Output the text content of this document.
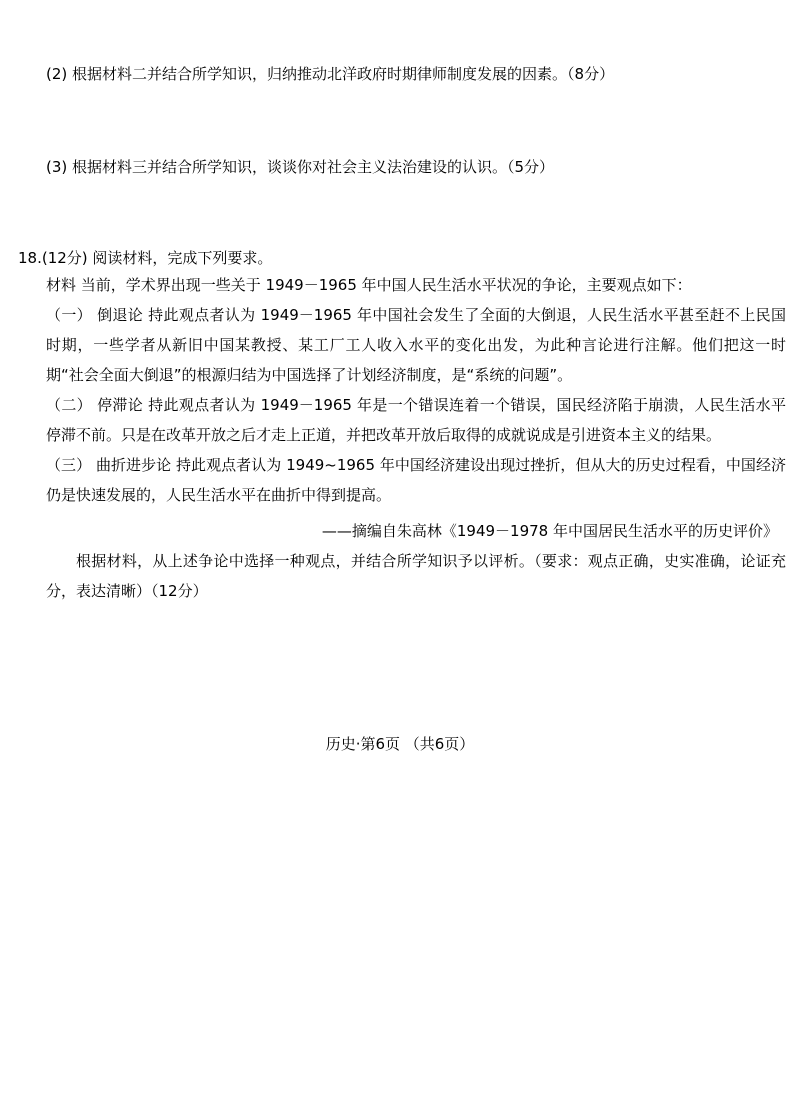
(2) 根据材料二并结合所学知识，归纳推动北洋政府时期律师制度发展的因素。（8分）
(3) 根据材料三并结合所学知识，谈谈你对社会主义法治建设的认识。（5分）
18.(12分) 阅读材料，完成下列要求。
材料 当前，学术界出现一些关于 1949－1965 年中国人民生活水平状况的争论，主要观点如下：
（一） 倒退论 持此观点者认为 1949－1965 年中国社会发生了全面的大倒退，人民生活水平甚至赶不上民国时期，一些学者从新旧中国某教授、某工厂工人收入水平的变化出发，为此种言论进行注解。他们把这一时期“社会全面大倒退”的根源归结为中国选择了计划经济制度，是“系统的问题”。
（二） 停滞论 持此观点者认为 1949－1965 年是一个错误连着一个错误，国民经济陷于崩溃，人民生活水平停滞不前。只是在改革开放之后才走上正道，并把改革开放后取得的成就说成是引进资本主义的结果。
（三） 曲折进步论 持此观点者认为 1949~1965 年中国经济建设出现过挫折，但从大的历史过程看，中国经济仍是快速发展的，人民生活水平在曲折中得到提高。
——摘编自朱高林《1949－1978 年中国居民生活水平的历史评价》
根据材料，从上述争论中选择一种观点，并结合所学知识予以评析。（要求：观点正确，史实准确，论证充分，表达清晰）（12分）
历史·第6页 （共6页）
